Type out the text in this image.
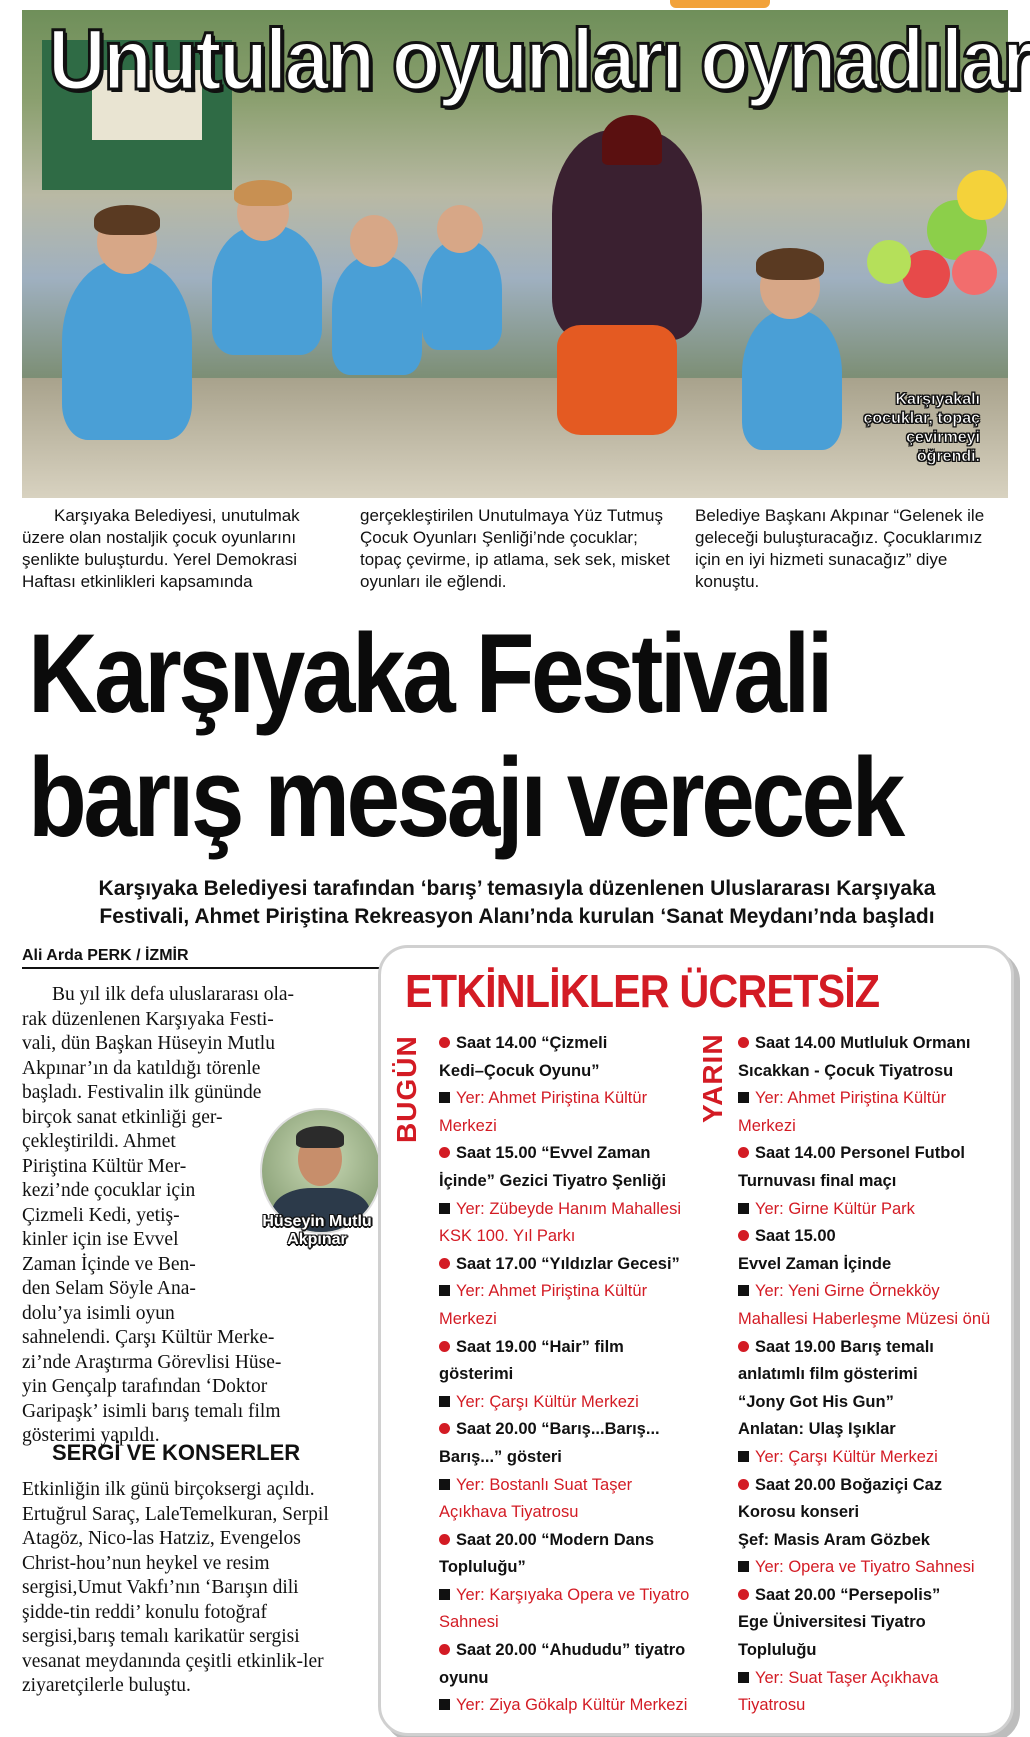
Unutulan oyunları oynadılar
Karşıyakalı çocuklar, topaç çevirmeyi öğrendi.
Karşıyaka Belediyesi, unutulmak üzere olan nostaljik çocuk oyunlarını şenlikte buluşturdu. Yerel Demokrasi Haftası etkinlikleri kapsamında
gerçekleştirilen Unutulmaya Yüz Tutmuş Çocuk Oyunları Şenliği’nde çocuklar; topaç çevirme, ip atlama, sek sek, misket oyunları ile eğlendi.
Belediye Başkanı Akpınar “Gelenek ile geleceği buluşturacağız. Çocuklarımız için en iyi hizmeti sunacağız” diye konuştu.
Karşıyaka Festivali
barış mesajı verecek
Karşıyaka Belediyesi tarafından ‘barış’ temasıyla düzenlenen Uluslararası Karşıyaka
Festivali, Ahmet Piriştina Rekreasyon Alanı’nda kurulan ‘Sanat Meydanı’nda başladı
Ali Arda PERK / İZMİR
Bu yıl ilk defa uluslararası ola-
rak düzenlenen Karşıyaka Festi-
vali, dün Başkan Hüseyin Mutlu
Akpınar’ın da katıldığı törenle
başladı. Festivalin ilk gününde
birçok sanat etkinliği ger-
çekleştirildi. Ahmet
Piriştina Kültür Mer-
kezi’nde çocuklar için
Çizmeli Kedi, yetiş-
kinler için ise Evvel
Zaman İçinde ve Ben-
den Selam Söyle Ana-
dolu’ya isimli oyun
sahnelendi. Çarşı Kültür Merke-
zi’nde Araştırma Görevlisi Hüse-
yin Gençalp tarafından ‘Doktor
Garipaşk’ isimli barış temalı film
gösterimi yapıldı.
SERGİ VE KONSERLER
Etkinliğin ilk günü birçoksergi açıldı. Ertuğrul Saraç, LaleTemelkuran, Serpil Atagöz, Nico-las Hatziz, Evengelos Christ-hou’nun heykel ve resim sergisi,Umut Vakfı’nın ‘Barışın dili şidde-tin reddi’ konulu fotoğraf sergisi,barış temalı karikatür sergisi vesanat meydanında çeşitli etkinlik-ler ziyaretçilerle buluştu.
Hüseyin Mutlu Akpınar
ETKİNLİKLER ÜCRETSİZ
BUGÜN	YARIN
Saat 14.00 “Çizmeli
Kedi–Çocuk Oyunu”
Yer: Ahmet Piriştina Kültür
Merkezi
Saat 15.00 “Evvel Zaman
İçinde” Gezici Tiyatro Şenliği
Yer: Zübeyde Hanım Mahallesi
KSK 100. Yıl Parkı
Saat 17.00 “Yıldızlar Gecesi”
Yer: Ahmet Piriştina Kültür
Merkezi
Saat 19.00 “Hair” film
gösterimi
Yer: Çarşı Kültür Merkezi
Saat 20.00 “Barış...Barış...
Barış...” gösteri
Yer: Bostanlı Suat Taşer
Açıkhava Tiyatrosu
Saat 20.00 “Modern Dans
Topluluğu”
Yer: Karşıyaka Opera ve Tiyatro
Sahnesi
Saat 20.00 “Ahududu” tiyatro
oyunu
Yer: Ziya Gökalp Kültür Merkezi
Saat 14.00 Mutluluk Ormanı
Sıcakkan - Çocuk Tiyatrosu
Yer: Ahmet Piriştina Kültür
Merkezi
Saat 14.00 Personel Futbol
Turnuvası final maçı
Yer: Girne Kültür Park
Saat 15.00
Evvel Zaman İçinde
Yer: Yeni Girne Örnekköy
Mahallesi Haberleşme Müzesi önü
Saat 19.00 Barış temalı
anlatımlı film gösterimi
“Jony Got His Gun”
Anlatan: Ulaş Işıklar
Yer: Çarşı Kültür Merkezi
Saat 20.00 Boğaziçi Caz
Korosu konseri
Şef: Masis Aram Gözbek
Yer: Opera ve Tiyatro Sahnesi
Saat 20.00 “Persepolis”
Ege Üniversitesi Tiyatro
Topluluğu
Yer: Suat Taşer Açıkhava
Tiyatrosu
